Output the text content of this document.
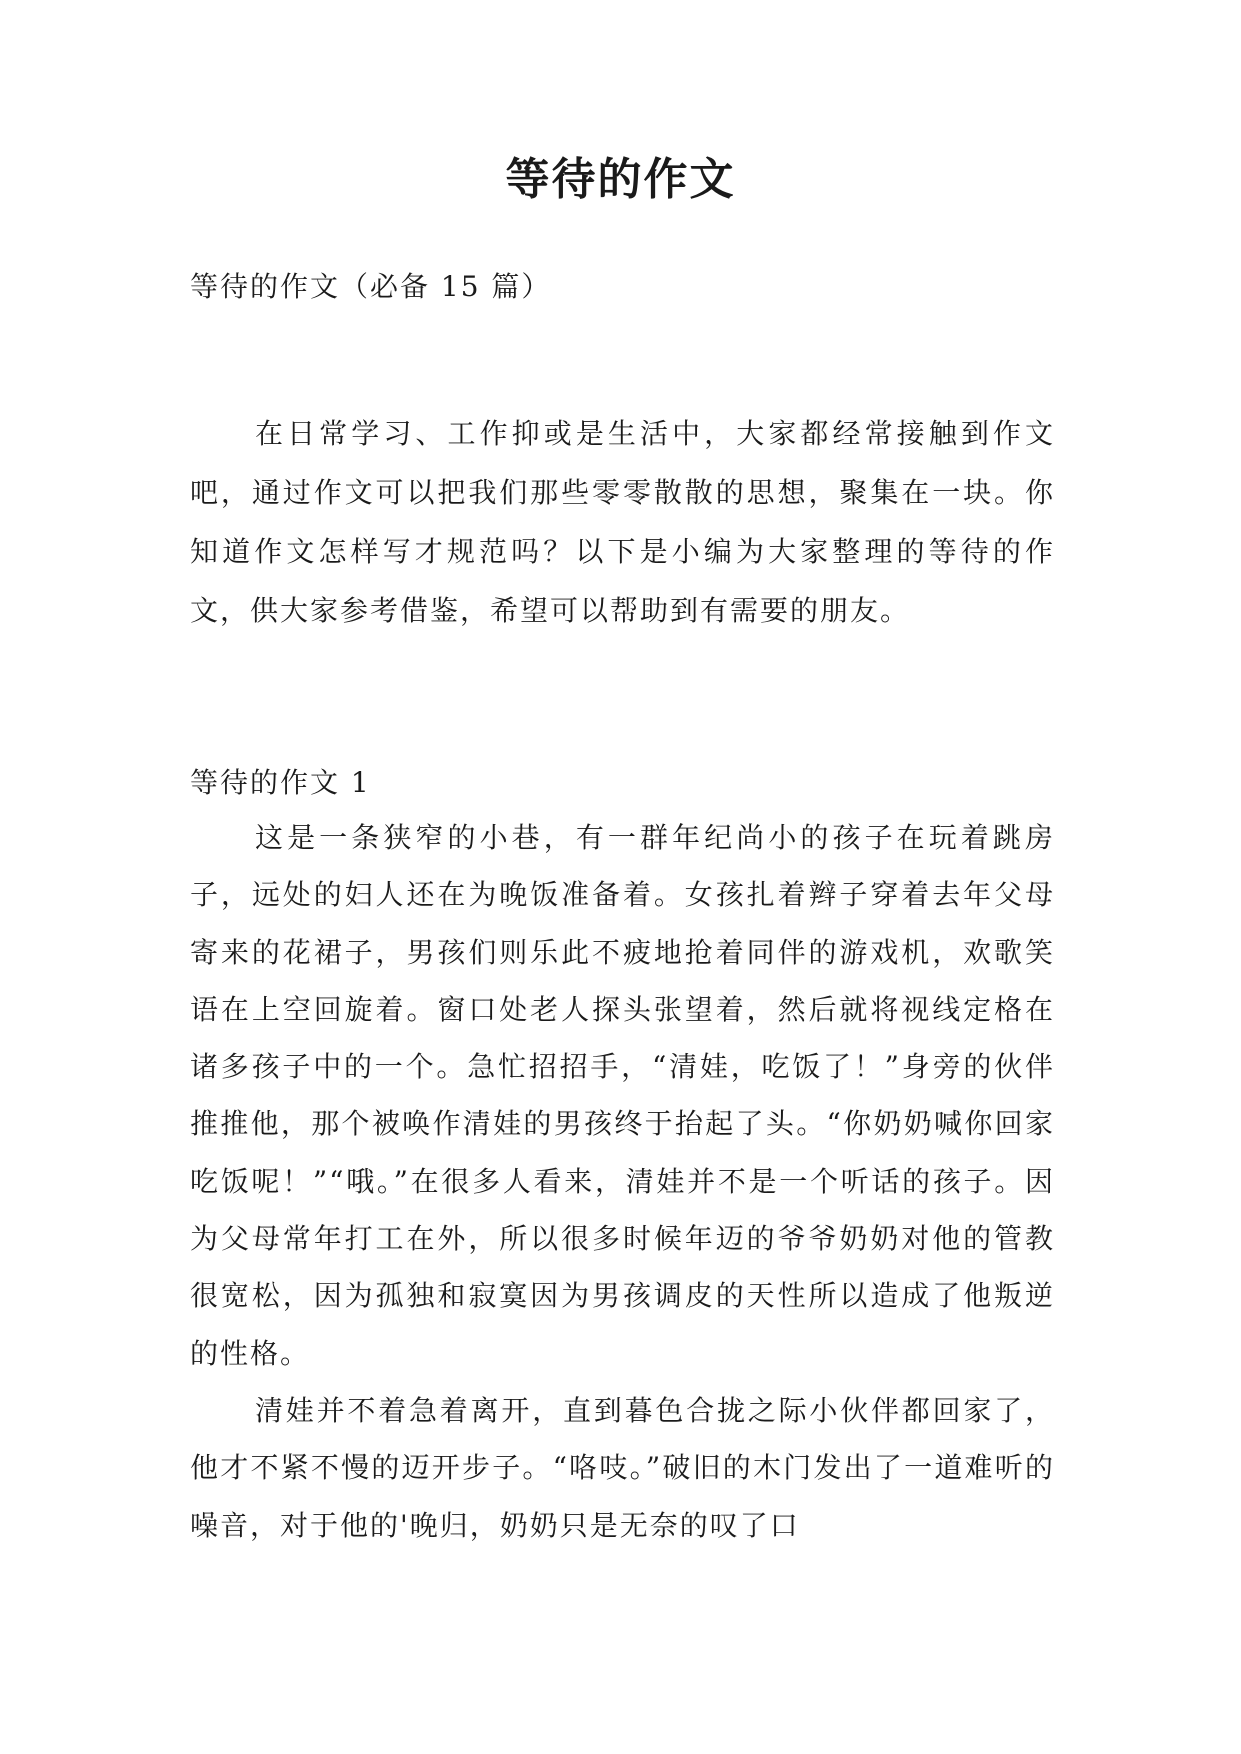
等待的作文
等待的作文（必备 15 篇）
在日常学习、工作抑或是生活中，大家都经常接触到作文吧，通过作文可以把我们那些零零散散的思想，聚集在一块。你知道作文怎样写才规范吗？以下是小编为大家整理的等待的作文，供大家参考借鉴，希望可以帮助到有需要的朋友。
等待的作文 1

这是一条狭窄的小巷，有一群年纪尚小的孩子在玩着跳房子，远处的妇人还在为晚饭准备着。女孩扎着辫子穿着去年父母寄来的花裙子，男孩们则乐此不疲地抢着同伴的游戏机，欢歌笑语在上空回旋着。窗口处老人探头张望着，然后就将视线定格在诸多孩子中的一个。急忙招招手，“清娃，吃饭了！”身旁的伙伴推推他，那个被唤作清娃的男孩终于抬起了头。“你奶奶喊你回家吃饭呢！”“哦。”在很多人看来，清娃并不是一个听话的孩子。因为父母常年打工在外，所以很多时候年迈的爷爷奶奶对他的管教很宽松，因为孤独和寂寞因为男孩调皮的天性所以造成了他叛逆的性格。

清娃并不着急着离开，直到暮色合拢之际小伙伴都回家了，他才不紧不慢的迈开步子。“咯吱。”破旧的木门发出了一道难听的噪音，对于他的'晚归，奶奶只是无奈的叹了口
